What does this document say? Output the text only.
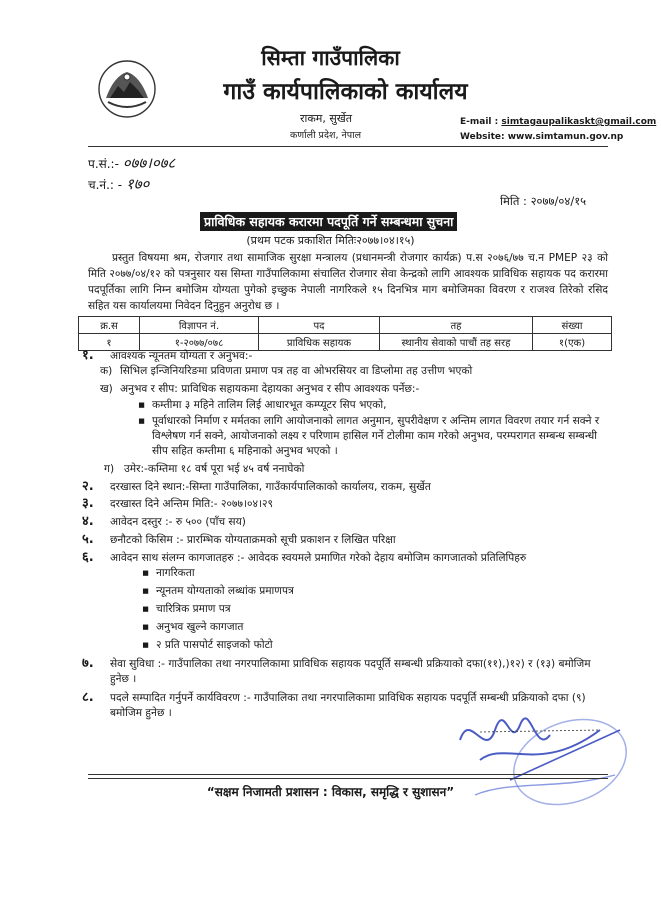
सिम्ता गाउँपालिका
गाउँ कार्यपालिकाको कार्यालय
राकम, सुर्खेत
कर्णाली प्रदेश, नेपाल
E-mail : simtagaupalikaskt@gmail.com
Website: www.simtamun.gov.np
प.सं.:- ०७७।०७८
च.नं.: - १७०
मिति : २०७७/०४/१५
प्राविधिक सहायक करारमा पदपूर्ति गर्ने सम्बन्धमा सुचना
(प्रथम पटक प्रकाशित मितिः२०७७।०४।१५)
प्रस्तुत विषयमा श्रम, रोजगार तथा सामाजिक सुरक्षा मन्त्रालय (प्रधानमन्त्री रोजगार कार्यक्र) प.स २०७६/७७ च.न PMEP २३ को मिति २०७७/०४/१२ को पत्रनुसार यस सिम्ता गाउँपालिकामा संचालित रोजगार सेवा केन्द्रको लागि आवश्यक प्राविधिक सहायक पद करारमा पदपूर्तिका लागि निम्न बमोजिम योग्यता पुगेको इच्छुक नेपाली नागरिकले १५ दिनभित्र माग बमोजिमका विवरण र राजश्व तिरेको रसिद सहित यस कार्यालयमा निवेदन दिनुहुन अनुरोध छ ।
क्र.स	विज्ञापन नं.	पद	तह	संख्या
१	१-२०७७/०७८	प्राविधिक सहायक	स्थानीय सेवाको पाचौं तह सरह	१(एक)
१. आवश्यक न्यूनतम योग्यता र अनुभव:-
क) सिभिल इन्जिनियरिङमा प्रविणता प्रमाण पत्र तह वा ओभरसियर वा डिप्लोमा तह उत्तीण भएको
ख) अनुभव र सीप: प्राविधिक सहायकमा देहायका अनुभव र सीप आवश्यक पर्नेछ:-
▪ कम्तीमा ३ महिने तालिम लिई आधारभूत कम्प्यूटर सिप भएको,
▪ पूर्वाधारको निर्माण र मर्मतका लागि आयोजनाको लागत अनुमान, सुपरीवेक्षण र अन्तिम लागत विवरण तयार गर्न सक्ने र विश्लेषण गर्न सक्ने, आयोजनाको लक्ष्य र परिणाम हासिल गर्ने टोलीमा काम गरेको अनुभव, परम्परागत सम्बन्ध सम्बन्धी सीप सहित कम्तीमा ६ महिनाको अनुभव भएको ।
ग) उमेर:-कम्तिमा १८ वर्ष पूरा भई ४५ वर्ष ननाघेको
२. दरखास्त दिने स्थान:-सिम्ता गाउँपालिका, गाउँकार्यपालिकाको कार्यालय, राकम, सुर्खेत
३. दरखास्त दिने अन्तिम मिति:- २०७७।०४।२९
४. आवेदन दस्तुर :- रु ५०० (पाँच सय)
५. छनौटको किसिम :- प्रारम्भिक योग्यताक्रमको सूची प्रकाशन र लिखित परिक्षा
६. आवेदन साथ संलग्न कागजातहरु :- आवेदक स्वयमले प्रमाणित गरेको देहाय बमोजिम कागजातको प्रतिलिपिहरु
▪ नागरिकता
▪ न्यूनतम योग्यताको लब्धांक प्रमाणपत्र
▪ चारित्रिक प्रमाण पत्र
▪ अनुभव खुल्ने कागजात
▪ २ प्रति पासपोर्ट साइजको फोटो
७. सेवा सुविधा :- गाउँपालिका तथा नगरपालिकामा प्राविधिक सहायक पदपूर्ति सम्बन्धी प्रक्रियाको दफा(११),)१२) र (१३) बमोजिम हुनेछ ।
८. पदले सम्पादित गर्नुपर्ने कार्यविवरण :- गाउँपालिका तथा नगरपालिकामा प्राविधिक सहायक पदपूर्ति सम्बन्धी प्रक्रियाको दफा (९) बमोजिम हुनेछ ।
“सक्षम निजामती प्रशासन : विकास, समृद्धि र सुशासन”
